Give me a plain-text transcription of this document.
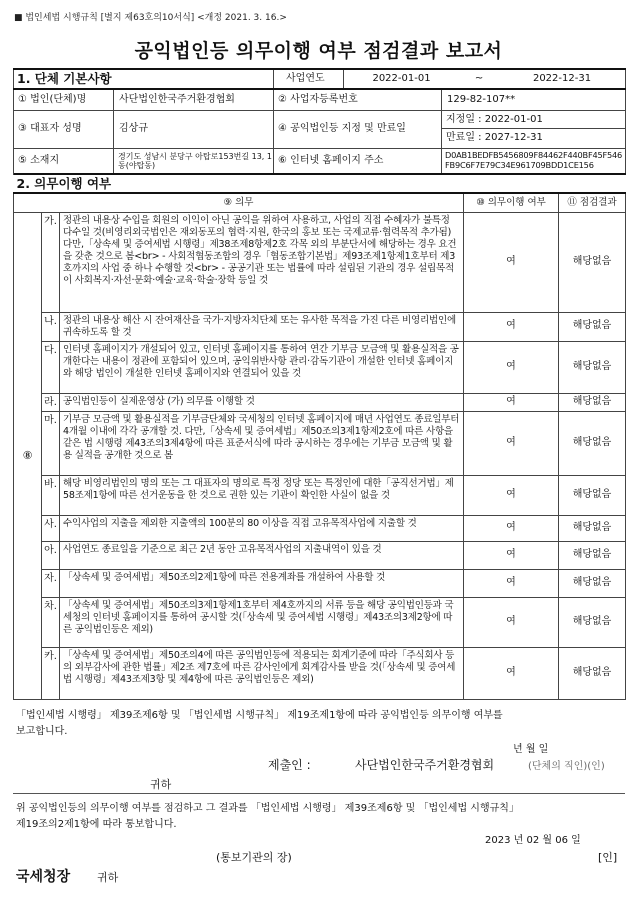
■ 법인세법 시행규칙 [별지 제63호의10서식] <개정 2021. 3. 16.>
공익법인등 의무이행 여부 점검결과 보고서
1. 단체 기본사항		사업연도 2022-01-01 ~ 2022-12-31	

① 법인(단체)명	사단법인한국주거환경협회	② 사업자등록번호	129-82-107**
③ 대표자 성명	김상규	④ 공익법인등 지정 및 만료일	지정일 : 2022-01-01
만료일 : 2027-12-31

⑤ 소재지	경기도 성남시 분당구 아탑로153번길 13, 1동(야탑동)	⑥ 인터넷 홈페이지 주소	D0AB1BEDFB5456809F84462F440BF45F546FB9C6F7E79C34E961709BDD1CE156
2. 의무이행 여부				
⑨ 의무			⑩ 의무이행 여부	⑪ 점검결과
⑧	가.	정관의 내용상 수입을 회원의 이익이 아닌 공익을 위하여 사용하고, 사업의 직접 수혜자가 불특정 다수일 것(비영리외국법인은 재외동포의 협력·지원, 한국의 홍보 또는 국제교류·협력목적 추가됨)다만,「상속세 및 증여세법 시행령」제38조제8항제2호 각목 외의 부분단서에 해당하는 경우 요건을 갖춘 것으로 봄<br> - 사회적협동조합의 경우「협동조합기본법」제93조제1항제1호부터 제3호까지의 사업 중 하나 수행할 것<br> - 공공기관 또는 법률에 따라 설립된 기관의 경우 설립목적이 사회복지·자선·문화·예술·교육·학술·장학 등일 것	여	해당없음
	나.	정관의 내용상 해산 시 잔여재산을 국가·지방자치단체 또는 유사한 목적을 가진 다른 비영리법인에 귀속하도록 할 것	여	해당없음
	다.	인터넷 홈페이지가 개설되어 있고, 인터넷 홈페이지를 통하여 연간 기부금 모금액 및 활용실적을 공개한다는 내용이 정관에 포함되어 있으며, 공익위반사항 관리·감독기관이 개설한 인터넷 홈페이지와 해당 법인이 개설한 인터넷 홈페이지와 연결되어 있을 것	여	해당없음
	라.	공익법인등이 실제운영상 (가) 의무를 이행할 것	여	해당없음
	마.	기부금 모금액 및 활용실적을 기부금단체와 국세청의 인터넷 홈페이지에 매년 사업연도 종료일부터 4개월 이내에 각각 공개할 것. 다만,「상속세 및 증여세법」제50조의3제1항제2호에 따른 사항을 같은 법 시행령 제43조의3제4항에 따른 표준서식에 따라 공시하는 경우에는 기부금 모금액 및 활용 실적을 공개한 것으로 봄	여	해당없음
	바.	해당 비영리법인의 명의 또는 그 대표자의 명의로 특정 정당 또는 특정인에 대한「공직선거법」제58조제1항에 따른 선거운동을 한 것으로 권한 있는 기관이 확인한 사실이 없을 것	여	해당없음
	사.	수익사업의 지출을 제외한 지출액의 100분의 80 이상을 직접 고유목적사업에 지출할 것	여	해당없음
	아.	사업연도 종료일을 기준으로 최근 2년 동안 고유목적사업의 지출내역이 있을 것	여	해당없음
	자.	「상속세 및 증여세법」제50조의2제1항에 따른 전용계좌를 개설하여 사용할 것	여	해당없음
	차.	「상속세 및 증여세법」제50조의3제1항제1호부터 제4호까지의 서류 등을 해당 공익법인등과 국세청의 인터넷 홈페이지를 통하여 공시할 것(「상속세 및 증여세법 시행령」제43조의3제2항에 따른 공익법인등은 제외)	여	해당없음
	카.	「상속세 및 증여세법」제50조의4에 따른 공익법인등에 적용되는 회계기준에 따라「주식회사 등의 외부감사에 관한 법률」제2조 제7호에 따른 감사인에게 회계감사를 받을 것(「상속세 및 증여세법 시행령」제43조제3항 및 제4항에 따른 공익법인등은 제외)	여	해당없음
「법인세법 시행령」 제39조제6항 및 「법인세법 시행규칙」 제19조제1항에 따라 공익법인등 의무이행 여부를
보고합니다.
년 월 일
제출인 :	사단법인한국주거환경협회	(단체의 직인)(인)
귀하
위 공익법인등의 의무이행 여부를 점검하고 그 결과를 「법인세법 시행령」 제39조제6항 및 「법인세법 시행규칙」
제19조의2제1항에 따라 통보합니다.
2023 년 02 월 06 일
(통보기관의 장)	[인]
국세청장 귀하
